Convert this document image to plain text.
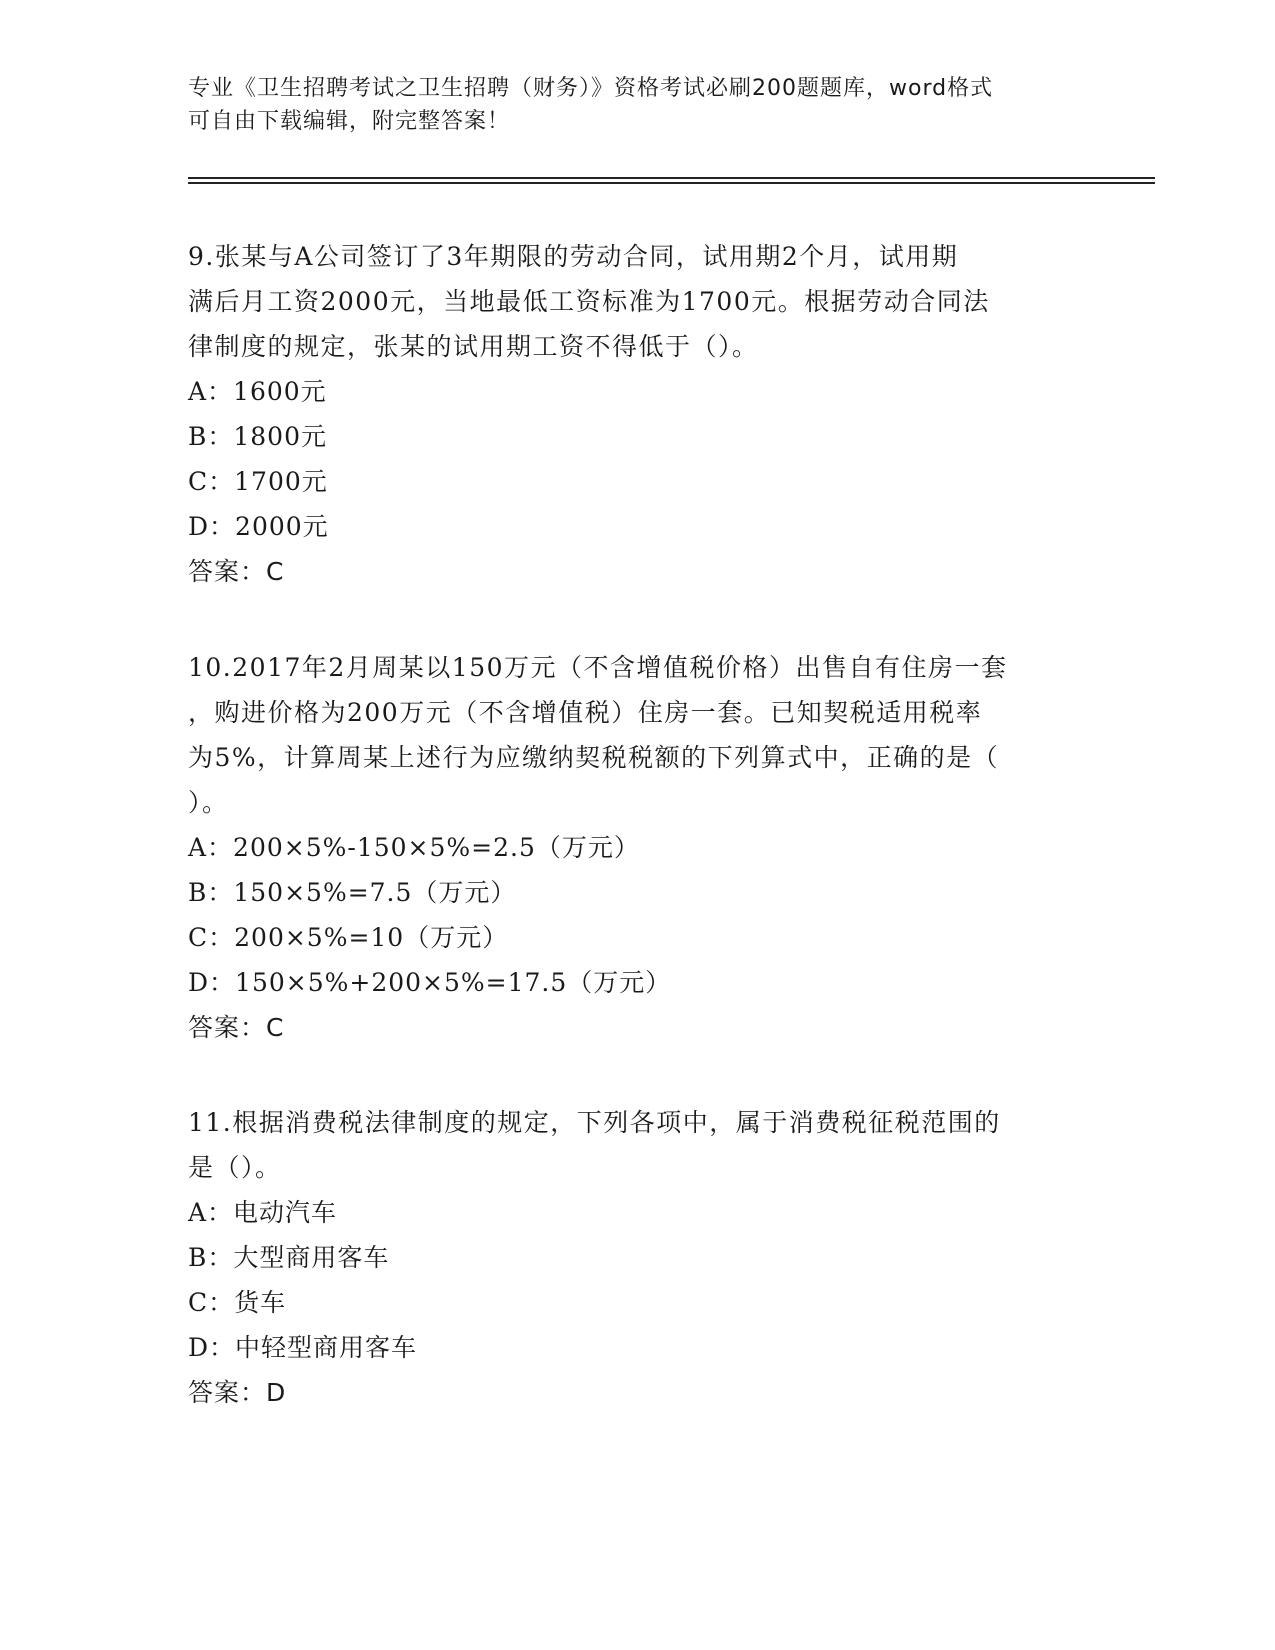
专业《卫生招聘考试之卫生招聘（财务）》资格考试必刷200题题库，word格式
可自由下载编辑，附完整答案！
9.张某与A公司签订了3年期限的劳动合同，试用期2个月，试用期
满后月工资2000元，当地最低工资标准为1700元。根据劳动合同法
律制度的规定，张某的试用期工资不得低于（）。
A：1600元
B：1800元
C：1700元
D：2000元
答案：C
10.2017年2月周某以150万元（不含增值税价格）出售自有住房一套
，购进价格为200万元（不含增值税）住房一套。已知契税适用税率
为5%，计算周某上述行为应缴纳契税税额的下列算式中，正确的是（
）。
A：200×5%-150×5%=2.5（万元）
B：150×5%=7.5（万元）
C：200×5%=10（万元）
D：150×5%+200×5%=17.5（万元）
答案：C
11.根据消费税法律制度的规定，下列各项中，属于消费税征税范围的
是（）。
A：电动汽车
B：大型商用客车
C：货车
D：中轻型商用客车
答案：D
